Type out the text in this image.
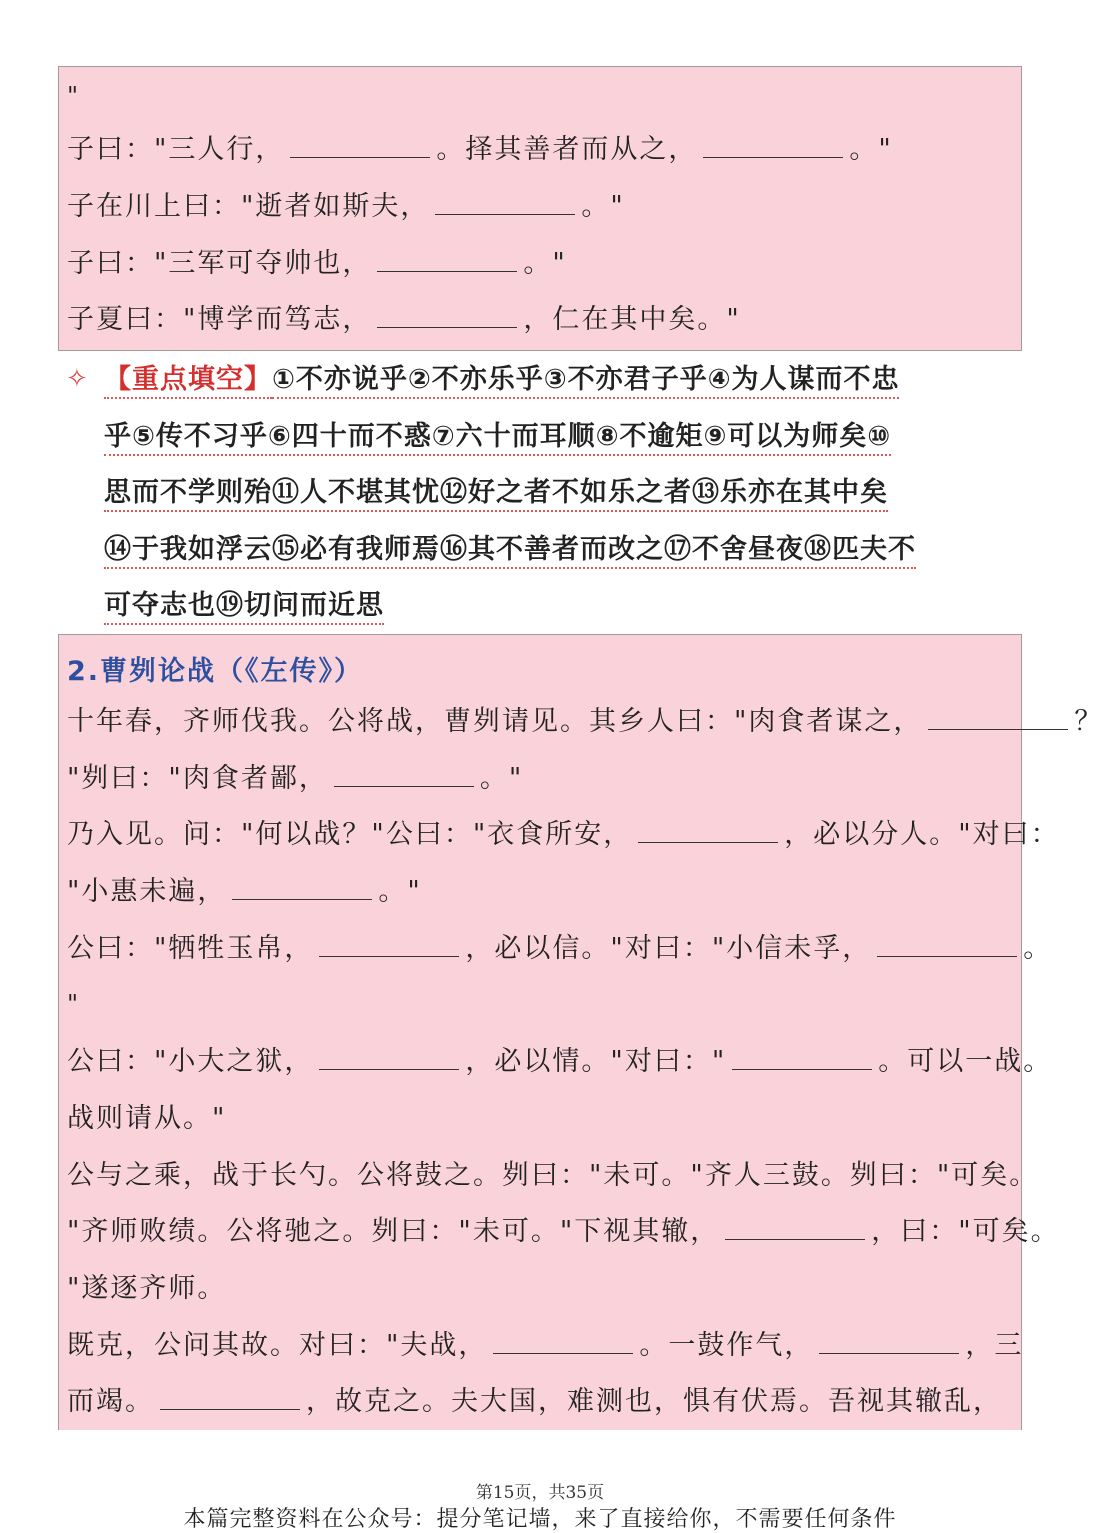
"
子曰："三人行，	。择其善者而从之，	。"
子在川上曰："逝者如斯夫，	。"
子曰："三军可夺帅也，	。"
子夏曰："博学而笃志，	，仁在其中矣。"
✧ 【重点填空】①不亦说乎②不亦乐乎③不亦君子乎④为人谋而不忠
乎⑤传不习乎⑥四十而不惑⑦六十而耳顺⑧不逾矩⑨可以为师矣⑩
思而不学则殆⑪人不堪其忧⑫好之者不如乐之者⑬乐亦在其中矣
⑭于我如浮云⑮必有我师焉⑯其不善者而改之⑰不舍昼夜⑱匹夫不
可夺志也⑲切问而近思
2.曹刿论战（《左传》）
十年春，齐师伐我。公将战，曹刿请见。其乡人曰："肉食者谋之，	？
"刿曰："肉食者鄙，	。"
乃入见。问："何以战？"公曰："衣食所安，	，必以分人。"对曰：
"小惠未遍，	。"
公曰："牺牲玉帛，	，必以信。"对曰："小信未孚，	。
"
公曰："小大之狱，	，必以情。"对曰："	。可以一战。
战则请从。"
公与之乘，战于长勺。公将鼓之。刿曰："未可。"齐人三鼓。刿曰："可矣。
"齐师败绩。公将驰之。刿曰："未可。"下视其辙，	，曰："可矣。
"遂逐齐师。
既克，公问其故。对曰："夫战，	。一鼓作气，	，三
而竭。	，故克之。夫大国，难测也，惧有伏焉。吾视其辙乱，
第15页，共35页
本篇完整资料在公众号：提分笔记墙，来了直接给你，不需要任何条件
